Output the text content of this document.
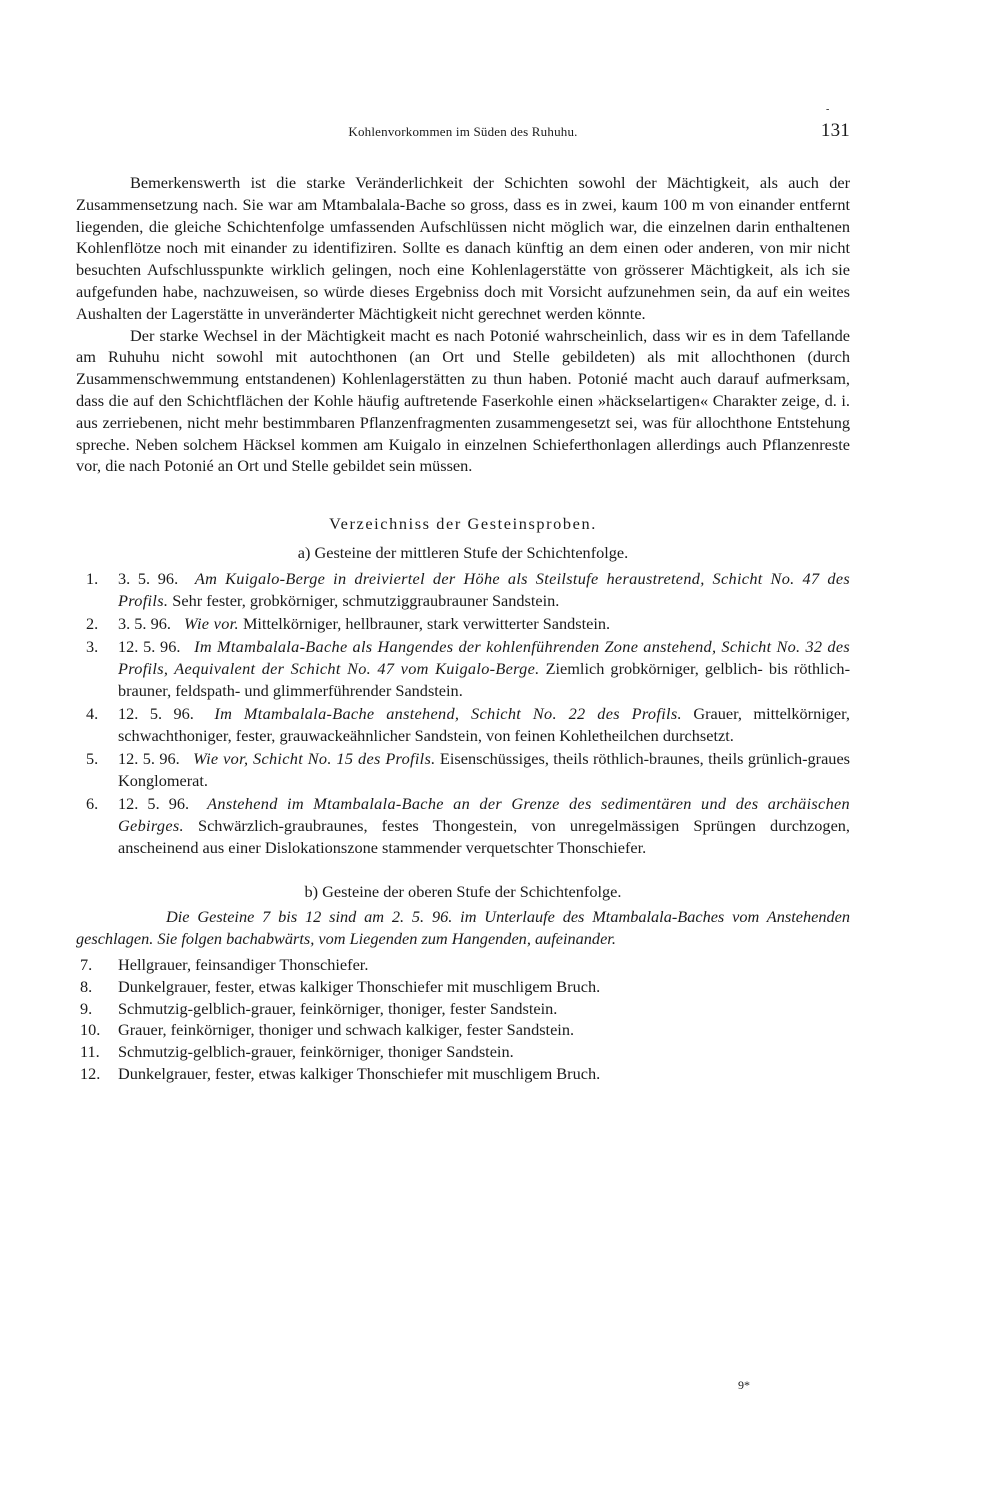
-
Kohlenvorkommen im Süden des Ruhuhu.	131

Bemerkenswerth ist die starke Veränderlichkeit der Schichten sowohl der Mächtigkeit, als auch der Zusammensetzung nach. Sie war am Mtambalala-Bache so gross, dass es in zwei, kaum 100 m von einander entfernt liegenden, die gleiche Schichtenfolge umfassenden Aufschlüssen nicht möglich war, die einzelnen darin enthaltenen Kohlenflötze noch mit einander zu identifiziren. Sollte es danach künftig an dem einen oder anderen, von mir nicht besuchten Aufschlusspunkte wirklich gelingen, noch eine Kohlenlagerstätte von grösserer Mächtigkeit, als ich sie aufgefunden habe, nachzuweisen, so würde dieses Ergebniss doch mit Vorsicht aufzunehmen sein, da auf ein weites Aushalten der Lagerstätte in unveränderter Mächtigkeit nicht gerechnet werden könnte.

Der starke Wechsel in der Mächtigkeit macht es nach Potonié wahrscheinlich, dass wir es in dem Tafellande am Ruhuhu nicht sowohl mit autochthonen (an Ort und Stelle gebildeten) als mit allochthonen (durch Zusammenschwemmung entstandenen) Kohlenlagerstätten zu thun haben. Potonié macht auch darauf aufmerksam, dass die auf den Schichtflächen der Kohle häufig auftretende Faserkohle einen »häckselartigen« Charakter zeige, d. i. aus zerriebenen, nicht mehr bestimmbaren Pflanzenfragmenten zusammengesetzt sei, was für allochthone Entstehung spreche. Neben solchem Häcksel kommen am Kuigalo in einzelnen Schieferthonlagen allerdings auch Pflanzenreste vor, die nach Potonié an Ort und Stelle gebildet sein müssen.

Verzeichniss der Gesteinsproben.
a) Gesteine der mittleren Stufe der Schichtenfolge.
1. 3. 5. 96. Am Kuigalo-Berge in dreiviertel der Höhe als Steilstufe heraustretend, Schicht No. 47 des Profils. Sehr fester, grobkörniger, schmutziggraubrauner Sandstein.
2. 3. 5. 96. Wie vor. Mittelkörniger, hellbrauner, stark verwitterter Sandstein.
3. 12. 5. 96. Im Mtambalala-Bache als Hangendes der kohlenführenden Zone anstehend, Schicht No. 32 des Profils, Aequivalent der Schicht No. 47 vom Kuigalo-Berge. Ziemlich grobkörniger, gelblich- bis röthlich-brauner, feldspath- und glimmerführender Sandstein.
4. 12. 5. 96. Im Mtambalala-Bache anstehend, Schicht No. 22 des Profils. Grauer, mittelkörniger, schwachthoniger, fester, grauwackeähnlicher Sandstein, von feinen Kohletheilchen durchsetzt.
5. 12. 5. 96. Wie vor, Schicht No. 15 des Profils. Eisenschüssiges, theils röthlich-braunes, theils grünlich-graues Konglomerat.
6. 12. 5. 96. Anstehend im Mtambalala-Bache an der Grenze des sedimentären und des archäischen Gebirges. Schwärzlich-graubraunes, festes Thongestein, von unregelmässigen Sprüngen durchzogen, anscheinend aus einer Dislokationszone stammender verquetschter Thonschiefer.
b) Gesteine der oberen Stufe der Schichtenfolge.

Die Gesteine 7 bis 12 sind am 2. 5. 96. im Unterlaufe des Mtambalala-Baches vom Anstehenden geschlagen. Sie folgen bachabwärts, vom Liegenden zum Hangenden, aufeinander.

7. Hellgrauer, feinsandiger Thonschiefer.
8. Dunkelgrauer, fester, etwas kalkiger Thonschiefer mit muschligem Bruch.
9. Schmutzig-gelblich-grauer, feinkörniger, thoniger, fester Sandstein.
10. Grauer, feinkörniger, thoniger und schwach kalkiger, fester Sandstein.
11. Schmutzig-gelblich-grauer, feinkörniger, thoniger Sandstein.
12. Dunkelgrauer, fester, etwas kalkiger Thonschiefer mit muschligem Bruch.
9*
